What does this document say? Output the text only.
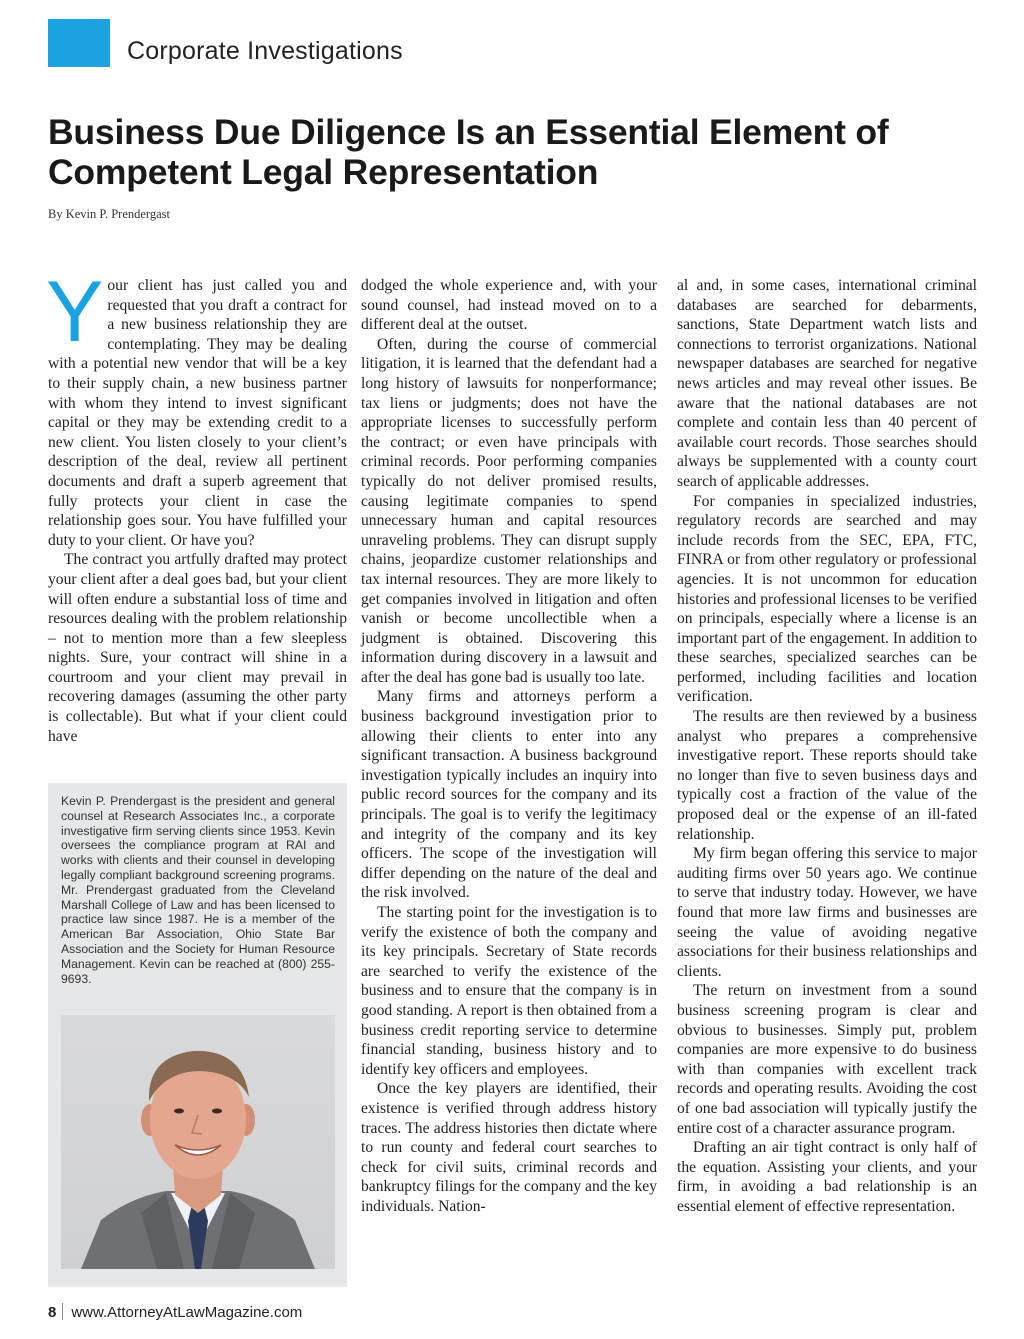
Corporate Investigations
Business Due Diligence Is an Essential Element of Competent Legal Representation
By Kevin P. Prendergast

Your client has just called you and requested that you draft a contract for a new business relationship they are contemplating. They may be dealing with a potential new vendor that will be a key to their supply chain, a new business partner with whom they intend to invest significant capital or they may be extending credit to a new client. You listen closely to your client’s description of the deal, review all pertinent documents and draft a superb agreement that fully protects your client in case the relationship goes sour. You have fulfilled your duty to your client. Or have you?

The contract you artfully drafted may protect your client after a deal goes bad, but your client will often endure a substantial loss of time and resources dealing with the problem relationship – not to mention more than a few sleepless nights. Sure, your contract will shine in a courtroom and your client may prevail in recovering damages (assuming the other party is collectable). But what if your client could have

Kevin P. Prendergast is the president and general counsel at Research Associates Inc., a corporate investigative firm serving clients since 1953. Kevin oversees the compliance program at RAI and works with clients and their counsel in developing legally compliant background screening programs. Mr. Prendergast graduated from the Cleveland Marshall College of Law and has been licensed to practice law since 1987. He is a member of the American Bar Association, Ohio State Bar Association and the Society for Human Resource Management. Kevin can be reached at (800) 255-9693.

dodged the whole experience and, with your sound counsel, had instead moved on to a different deal at the outset.

Often, during the course of commercial litigation, it is learned that the defendant had a long history of lawsuits for nonperformance; tax liens or judgments; does not have the appropriate licenses to successfully perform the contract; or even have principals with criminal records. Poor performing companies typically do not deliver promised results, causing legitimate companies to spend unnecessary human and capital resources unraveling problems. They can disrupt supply chains, jeopardize customer relationships and tax internal resources. They are more likely to get companies involved in litigation and often vanish or become uncollectible when a judgment is obtained. Discovering this information during discovery in a lawsuit and after the deal has gone bad is usually too late.

Many firms and attorneys perform a business background investigation prior to allowing their clients to enter into any significant transaction. A business background investigation typically includes an inquiry into public record sources for the company and its principals. The goal is to verify the legitimacy and integrity of the company and its key officers. The scope of the investigation will differ depending on the nature of the deal and the risk involved.

The starting point for the investigation is to verify the existence of both the company and its key principals. Secretary of State records are searched to verify the existence of the business and to ensure that the company is in good standing. A report is then obtained from a business credit reporting service to determine financial standing, business history and to identify key officers and employees.

Once the key players are identified, their existence is verified through address history traces. The address histories then dictate where to run county and federal court searches to check for civil suits, criminal records and bankruptcy filings for the company and the key individuals. Nation-

al and, in some cases, international criminal databases are searched for debarments, sanctions, State Department watch lists and connections to terrorist organizations. National newspaper databases are searched for negative news articles and may reveal other issues. Be aware that the national databases are not complete and contain less than 40 percent of available court records. Those searches should always be supplemented with a county court search of applicable addresses.

For companies in specialized industries, regulatory records are searched and may include records from the SEC, EPA, FTC, FINRA or from other regulatory or professional agencies. It is not uncommon for education histories and professional licenses to be verified on principals, especially where a license is an important part of the engagement. In addition to these searches, specialized searches can be performed, including facilities and location verification.

The results are then reviewed by a business analyst who prepares a comprehensive investigative report. These reports should take no longer than five to seven business days and typically cost a fraction of the value of the proposed deal or the expense of an ill-fated relationship.

My firm began offering this service to major auditing firms over 50 years ago. We continue to serve that industry today. However, we have found that more law firms and businesses are seeing the value of avoiding negative associations for their business relationships and clients.

The return on investment from a sound business screening program is clear and obvious to businesses. Simply put, problem companies are more expensive to do business with than companies with excellent track records and operating results. Avoiding the cost of one bad association will typically justify the entire cost of a character assurance program.

Drafting an air tight contract is only half of the equation. Assisting your clients, and your firm, in avoiding a bad relationship is an essential element of effective representation.

8 www.AttorneyAtLawMagazine.com
